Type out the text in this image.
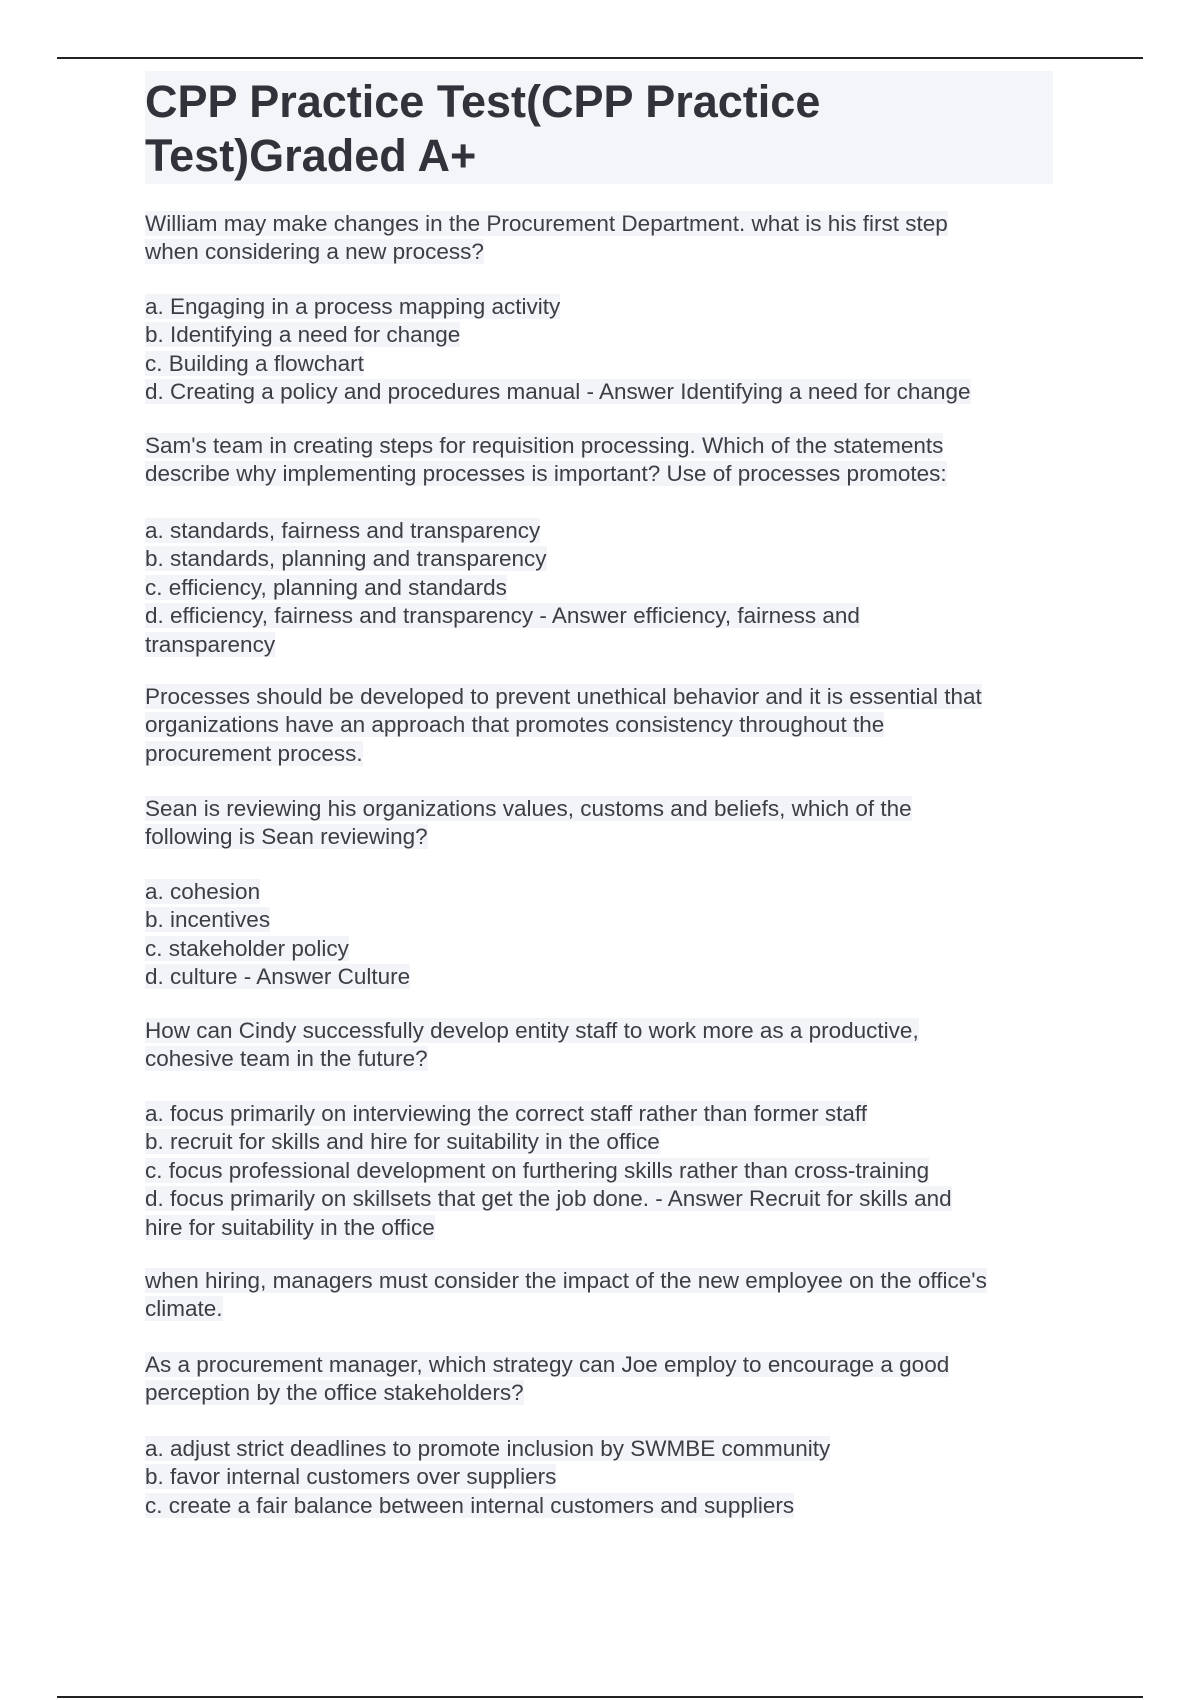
CPP Practice Test(CPP Practice
Test)Graded A+
William may make changes in the Procurement Department. what is his first step
when considering a new process?
a. Engaging in a process mapping activity
b. Identifying a need for change
c. Building a flowchart
d. Creating a policy and procedures manual - Answer Identifying a need for change
Sam's team in creating steps for requisition processing. Which of the statements
describe why implementing processes is important? Use of processes promotes:
a. standards, fairness and transparency
b. standards, planning and transparency
c. efficiency, planning and standards
d. efficiency, fairness and transparency - Answer efficiency, fairness and
transparency
Processes should be developed to prevent unethical behavior and it is essential that
organizations have an approach that promotes consistency throughout the
procurement process.
Sean is reviewing his organizations values, customs and beliefs, which of the
following is Sean reviewing?
a. cohesion
b. incentives
c. stakeholder policy
d. culture - Answer Culture
How can Cindy successfully develop entity staff to work more as a productive,
cohesive team in the future?
a. focus primarily on interviewing the correct staff rather than former staff
b. recruit for skills and hire for suitability in the office
c. focus professional development on furthering skills rather than cross-training
d. focus primarily on skillsets that get the job done. - Answer Recruit for skills and
hire for suitability in the office
when hiring, managers must consider the impact of the new employee on the office's
climate.
As a procurement manager, which strategy can Joe employ to encourage a good
perception by the office stakeholders?
a. adjust strict deadlines to promote inclusion by SWMBE community
b. favor internal customers over suppliers
c. create a fair balance between internal customers and suppliers
